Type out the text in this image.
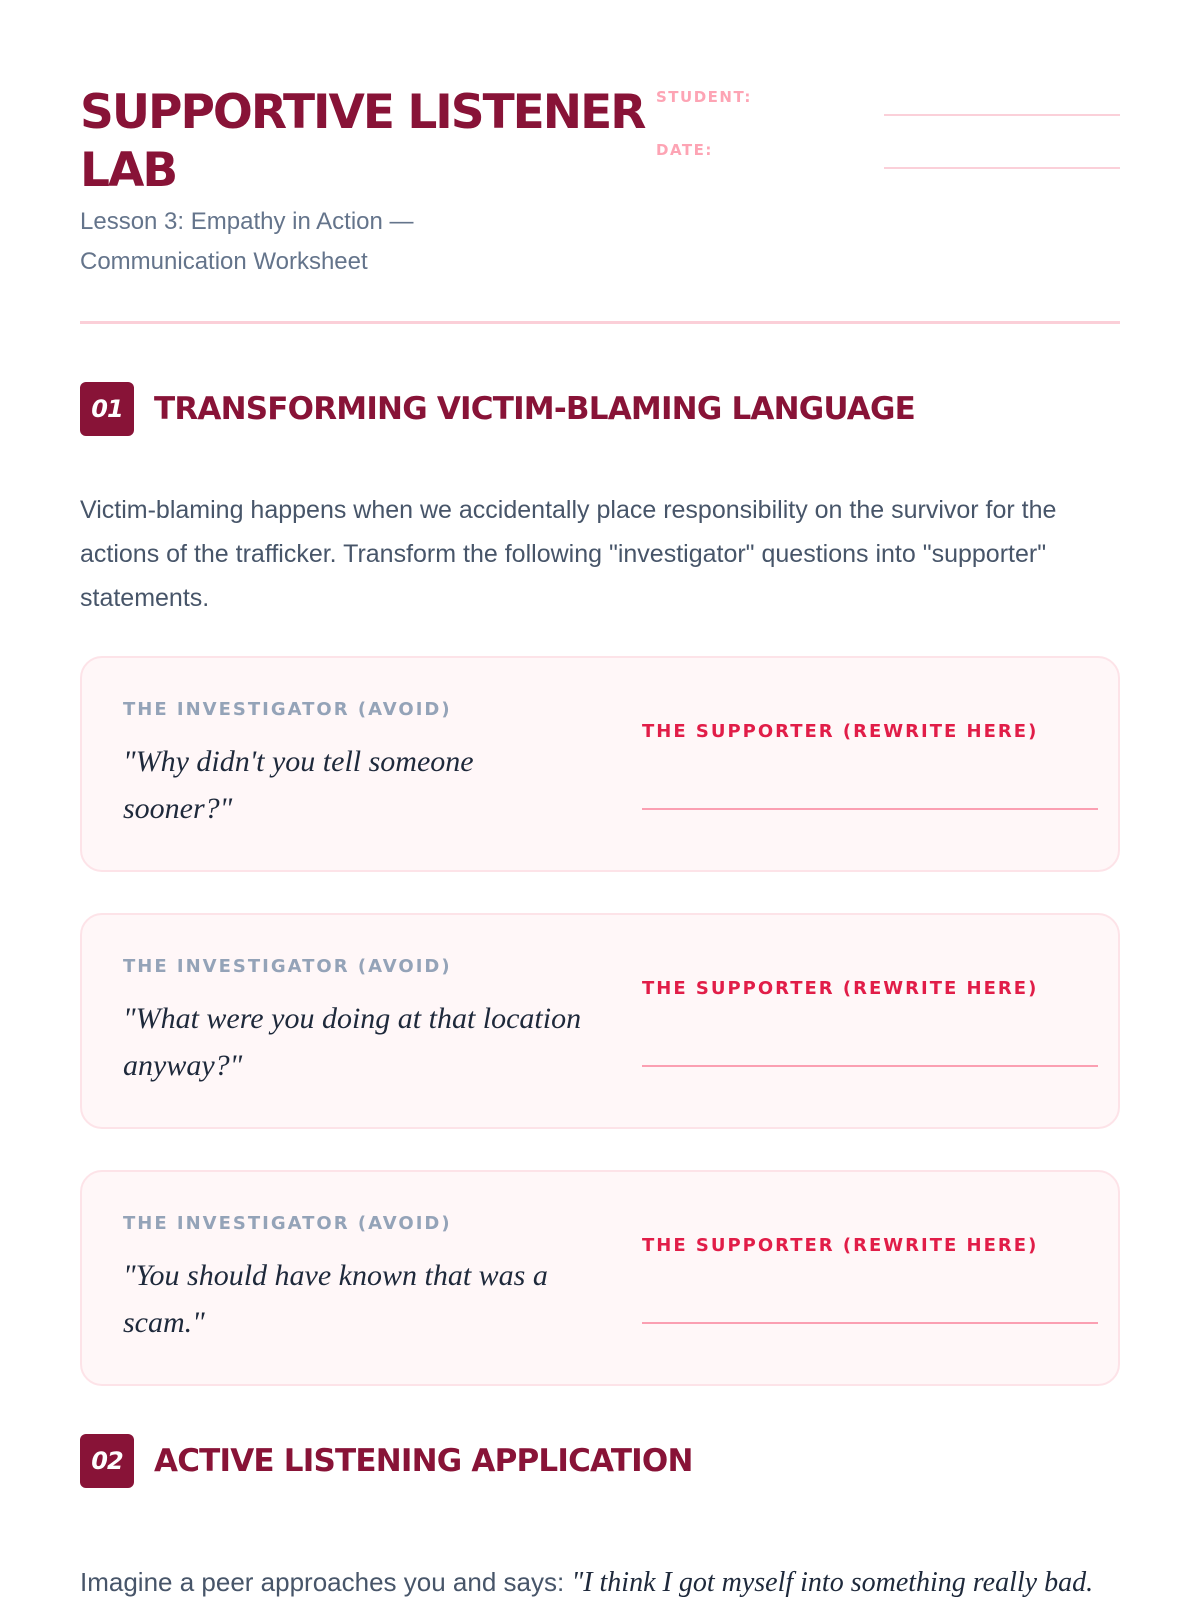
SUPPORTIVE LISTENER LAB

Lesson 3: Empathy in Action — Communication Worksheet

STUDENT:
DATE:
01	TRANSFORMING VICTIM-BLAMING LANGUAGE

Victim-blaming happens when we accidentally place responsibility on the survivor for the actions of the trafficker. Transform the following "investigator" questions into "supporter" statements.

THE INVESTIGATOR (AVOID)

"Why didn't you tell someone sooner?"

THE SUPPORTER (REWRITE HERE)

THE INVESTIGATOR (AVOID)

"What were you doing at that location anyway?"

THE SUPPORTER (REWRITE HERE)

THE INVESTIGATOR (AVOID)

"You should have known that was a scam."

THE SUPPORTER (REWRITE HERE)

02	ACTIVE LISTENING APPLICATION

Imagine a peer approaches you and says: "I think I got myself into something really bad.
